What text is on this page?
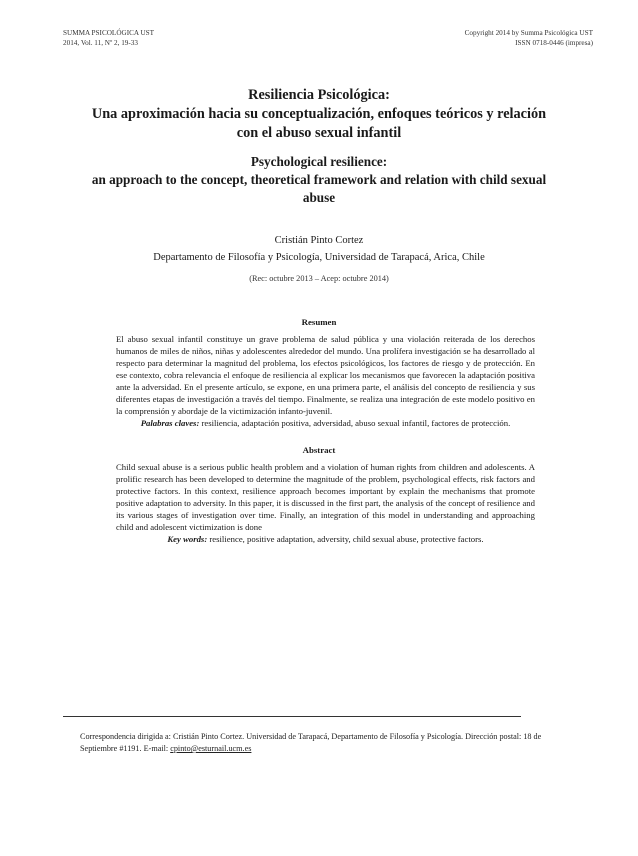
SUMMA PSICOLÓGICA UST
2014, Vol. 11, Nº 2, 19-33
Copyright 2014 by Summa Psicológica UST
ISSN 0718-0446 (impresa)
Resiliencia Psicológica:
Una aproximación hacia su conceptualización, enfoques teóricos y relación
con el abuso sexual infantil
Psychological resilience:
an approach to the concept, theoretical framework and relation with child sexual
abuse
Cristián Pinto Cortez
Departamento de Filosofía y Psicología, Universidad de Tarapacá, Arica, Chile
(Rec: octubre 2013 – Acep: octubre 2014)
Resumen

El abuso sexual infantil constituye un grave problema de salud pública y una violación reiterada de los derechos humanos de miles de niños, niñas y adolescentes alrededor del mundo. Una prolífera investigación se ha desarrollado al respecto para determinar la magnitud del problema, los efectos psicológicos, los factores de riesgo y de protección. En ese contexto, cobra relevancia el enfoque de resiliencia al explicar los mecanismos que favorecen la adaptación positiva ante la adversidad. En el presente artículo, se expone, en una primera parte, el análisis del concepto de resiliencia y sus diferentes etapas de investigación a través del tiempo. Finalmente, se realiza una integración de este modelo positivo en la comprensión y abordaje de la victimización infanto-juvenil.

Palabras claves: resiliencia, adaptación positiva, adversidad, abuso sexual infantil, factores de protección.

Abstract

Child sexual abuse is a serious public health problem and a violation of human rights from children and adolescents. A prolific research has been developed to determine the magnitude of the problem, psychological effects, risk factors and protective factors. In this context, resilience approach becomes important by explain the mechanisms that promote positive adaptation to adversity. In this paper, it is discussed in the first part, the analysis of the concept of resilience and its various stages of investigation over time. Finally, an integration of this model in understanding and approaching child and adolescent victimization is done

Key words: resilience, positive adaptation, adversity, child sexual abuse, protective factors.

Correspondencia dirigida a: Cristián Pinto Cortez. Universidad de Tarapacá, Departamento de Filosofía y Psicología. Dirección postal: 18 de Septiembre #1191. E-mail: cpinto@esturnail.ucm.es
